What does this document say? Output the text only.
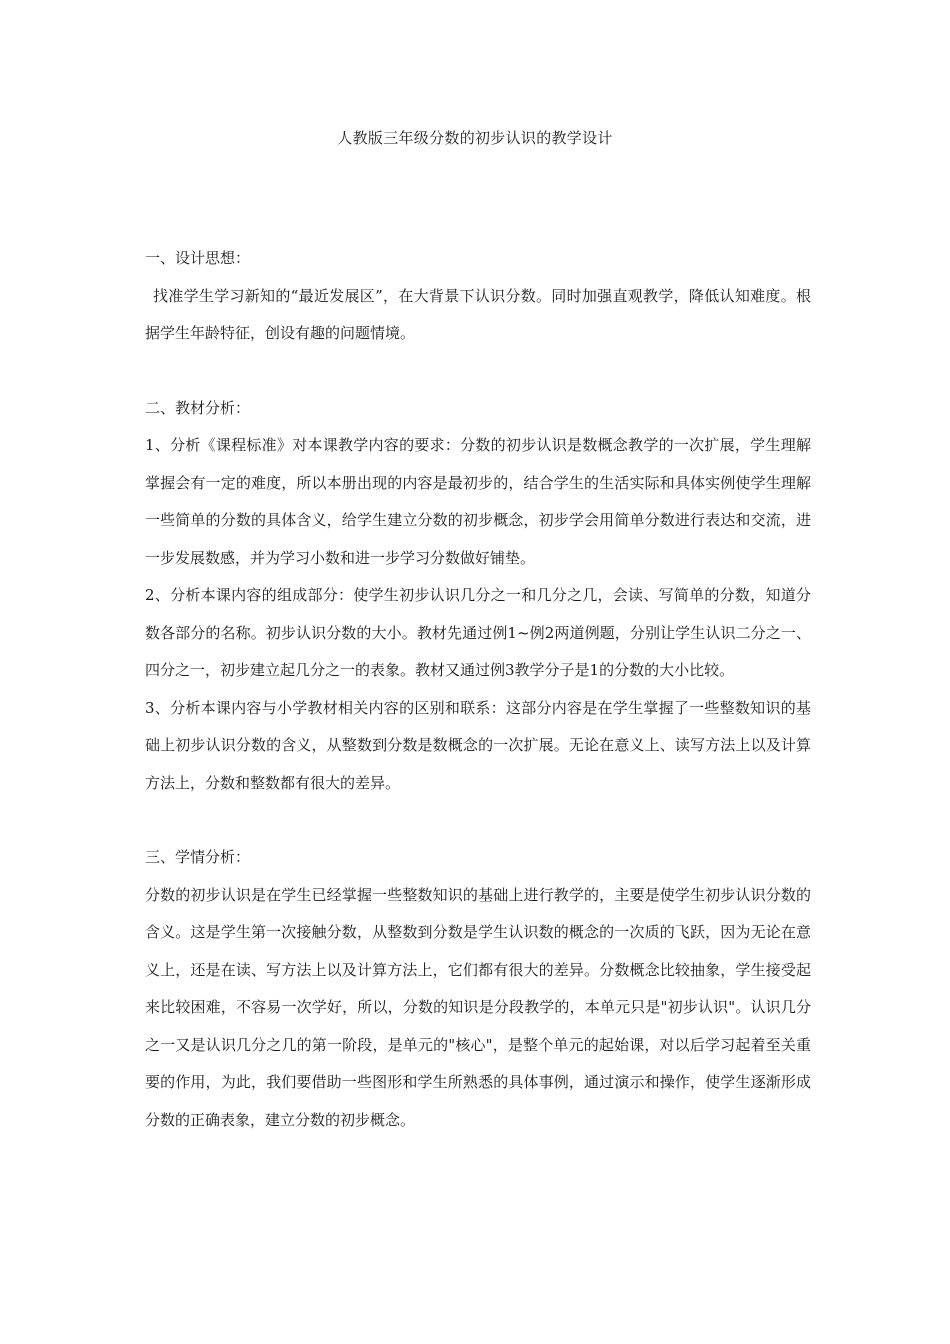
人教版三年级分数的初步认识的教学设计

一、设计思想：

找准学生学习新知的“最近发展区”，在大背景下认识分数。同时加强直观教学，降低认知难度。根据学生年龄特征，创设有趣的问题情境。

二、教材分析：

1、分析《课程标准》对本课教学内容的要求：分数的初步认识是数概念教学的一次扩展，学生理解掌握会有一定的难度，所以本册出现的内容是最初步的，结合学生的生活实际和具体实例使学生理解一些简单的分数的具体含义，给学生建立分数的初步概念，初步学会用简单分数进行表达和交流，进一步发展数感，并为学习小数和进一步学习分数做好铺垫。

2、分析本课内容的组成部分：使学生初步认识几分之一和几分之几，会读、写简单的分数，知道分数各部分的名称。初步认识分数的大小。教材先通过例1~例2两道例题，分别让学生认识二分之一、四分之一，初步建立起几分之一的表象。教材又通过例3教学分子是1的分数的大小比较。

3、分析本课内容与小学教材相关内容的区别和联系：这部分内容是在学生掌握了一些整数知识的基础上初步认识分数的含义，从整数到分数是数概念的一次扩展。无论在意义上、读写方法上以及计算方法上，分数和整数都有很大的差异。

三、学情分析：

分数的初步认识是在学生已经掌握一些整数知识的基础上进行教学的，主要是使学生初步认识分数的含义。这是学生第一次接触分数，从整数到分数是学生认识数的概念的一次质的飞跃，因为无论在意义上，还是在读、写方法上以及计算方法上，它们都有很大的差异。分数概念比较抽象，学生接受起来比较困难，不容易一次学好，所以，分数的知识是分段教学的，本单元只是"初步认识"。认识几分之一又是认识几分之几的第一阶段，是单元的"核心"，是整个单元的起始课，对以后学习起着至关重要的作用，为此，我们要借助一些图形和学生所熟悉的具体事例，通过演示和操作，使学生逐渐形成分数的正确表象，建立分数的初步概念。
